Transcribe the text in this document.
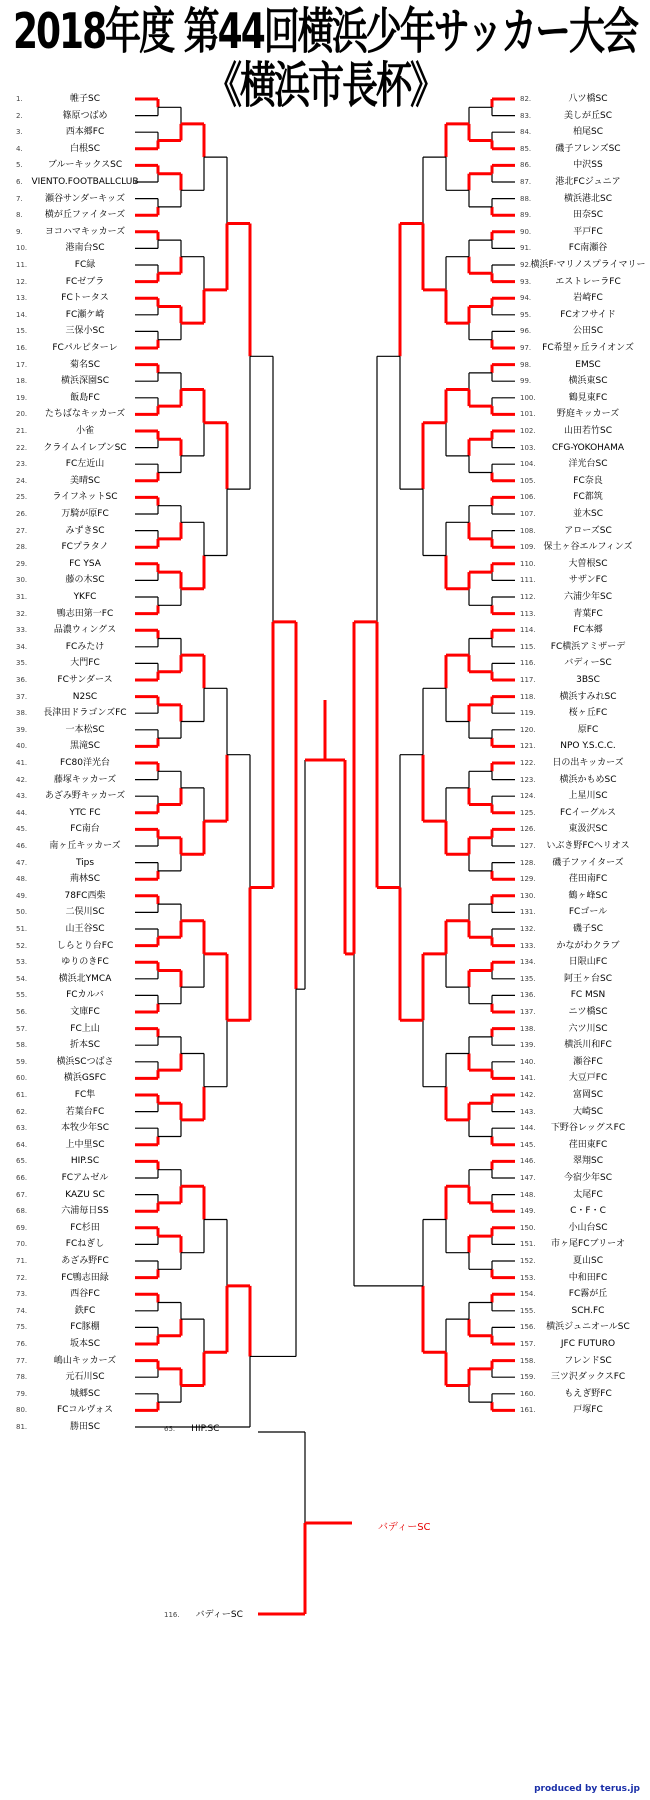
2018年度 第44回横浜少年サッカー大会《横浜市長杯》
1.	帷子SC
2.	篠原つばめ
3.	西本郷FC
4.	白根SC
5.	ブルーキックスSC
6. VIENTO.FOOTBALLCLUB
7.	瀬谷サンダーキッズ
8.	横が丘ファイターズ
9.	ヨコハマキッカーズ
10.	港南台SC
11.	FC緑
12.	FCゼブラ
13.	FCトータス
14.	FC瀬ケ崎
15.	三保小SC
16.	FCパルピターレ
17.	菊名SC
18.	横浜深園SC
19.	飯島FC
20.	たちばなキッカーズ
21.	小雀
22.	クライムイレブンSC
23.	FC左近山
24.	美晴SC
25.	ライフネットSC
26.	万騎が原FC
27.	みずきSC
28.	FCプラタノ
29.	FC YSA
30.	藤の木SC
31.	YKFC
32.	鴨志田第一FC
33.	品濃ウィングス
34.	FCみたけ
35.	大門FC
36.	FCサンダース
37.	N2SC
38.	長津田ドラゴンズFC
39.	一本松SC
40.	黒滝SC
41.	FC80洋光台
42.	藤塚キッカーズ
43.	あざみ野キッカーズ
44.	YTC FC
45.	FC南台
46.	南ヶ丘キッカーズ
47.	Tips
48.	荊林SC
49.	78FC西柴
50.	二俣川SC
51.	山王谷SC
52.	しらとり台FC
53.	ゆりのきFC
54.	横浜北YMCA
55.	FCカルバ
56.	文庫FC
57.	FC上山
58.	折本SC
59.	横浜SCつばさ
60.	横浜GSFC
61.	FC隼
62.	若葉台FC
63.	本牧少年SC
64.	上中里SC
65.	HIP.SC
66.	FCアムゼル
67.	KAZU SC
68.	六浦毎日SS
69.	FC杉田
70.	FCねぎし
71.	あざみ野FC
72.	FC鴨志田緑
73.	西谷FC
74.	鉄FC
75.	FC豚棚
76.	坂本SC
77.	嶋山キッカーズ
78.	元石川SC
79.	城郷SC
80.	FCコルヴォス
81.	勝田SC
82.	八ツ橋SC
83.	美しが丘SC
84.	柏尾SC
85.	磯子フレンズSC
86.	中沢SS
87.	港北FCジュニア
88.	横浜港北SC
89.	田奈SC
90.	平戸FC
91.	FC南瀬谷
92. 横浜F·マリノスプライマリー
93.	エストレーラFC
94.	岩崎FC
95.	FCオフサイド
96.	公田SC
97.	FC希望ヶ丘ライオンズ
98.	EMSC
99.	横浜東SC
100.	鶴見東FC
101.	野庭キッカーズ
102.	山田若竹SC
103.	CFG-YOKOHAMA
104.	洋光台SC
105.	FC奈良
106.	FC都筑
107.	並木SC
108.	アローズSC
109. 保土ヶ谷エルフィンズ
110.	大曽根SC
111.	サザンFC
112.	六浦少年SC
113.	青葉FC
114.	FC本郷
115.	FC横浜アミザーデ
116.	バディーSC
117.	3BSC
118.	横浜すみれSC
119.	桜ヶ丘FC
120.	原FC
121.	NPO Y.S.C.C.
122.	日の出キッカーズ
123.	横浜かもめSC
124.	上星川SC
125.	FCイーグルス
126.	東汲沢SC
127.	いぶき野FCヘリオス
128.	磯子ファイターズ
129.	荏田南FC
130.	鶴ヶ峰SC
131.	FCゴール
132.	磯子SC
133.	かながわクラブ
134.	日限山FC
135.	阿王ヶ台SC
136.	FC MSN
137.	ニツ橋SC
138.	六ツ川SC
139.	横浜川和FC
140.	瀬谷FC
141.	大豆戸FC
142.	富岡SC
143.	大崎SC
144.	下野谷レッグスFC
145.	荏田東FC
146.	翠翔SC
147.	今宿少年SC
148.	太尾FC
149.	C・F・C
150.	小山台SC
151.	市ヶ尾FCブリーオ
152.	夏山SC
153.	中和田FC
154.	FC霧が丘
155.	SCH.FC
156.	横浜ジュニオールSC
157.	JFC FUTURO
158.	フレンドSC
159.	三ツ沢ダックスFC
160.	もえぎ野FC
161.	戸塚FC
65. HIP.SC
116. バディーSC
バディーSC
produced by terus.jp
